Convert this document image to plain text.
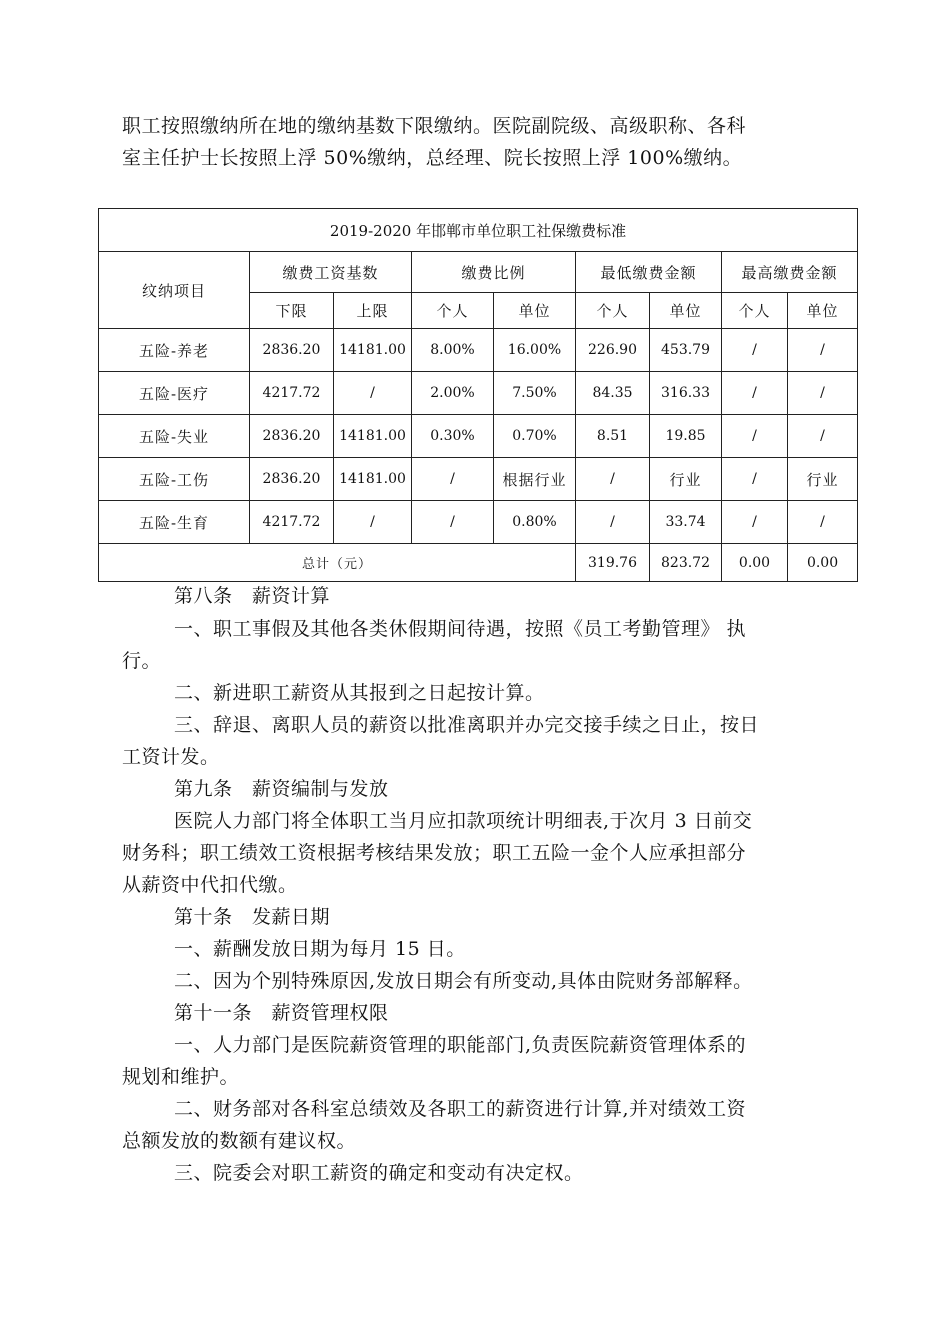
职工按照缴纳所在地的缴纳基数下限缴纳。医院副院级、高级职称、各科

室主任护士长按照上浮 50%缴纳，总经理、院长按照上浮 100%缴纳。

2019-2020 年邯郸市单位职工社保缴费标准								
纹纳项目	缴费工资基数		缴费比例		最低缴费金额		最高缴费金额	
	下限	上限	个人	单位	个人	单位	个人	单位
五险-养老	2836.20	14181.00	8.00%	16.00%	226.90	453.79	/	/
五险-医疗	4217.72	/	2.00%	7.50%	84.35	316.33	/	/
五险-失业	2836.20	14181.00	0.30%	0.70%	8.51	19.85	/	/
五险-工伤	2836.20	14181.00	/	根据行业	/	行业	/	行业
五险-生育	4217.72	/	/	0.80%	/	33.74	/	/
总计（元）					319.76	823.72	0.00	0.00

第八条　薪资计算

一、职工事假及其他各类休假期间待遇，按照《员工考勤管理》 执

行。

二、新进职工薪资从其报到之日起按计算。

三、辞退、离职人员的薪资以批准离职并办完交接手续之日止，按日

工资计发。

第九条　薪资编制与发放

医院人力部门将全体职工当月应扣款项统计明细表,于次月 3 日前交

财务科；职工绩效工资根据考核结果发放；职工五险一金个人应承担部分

从薪资中代扣代缴。

第十条　发薪日期

一、薪酬发放日期为每月 15 日。

二、因为个别特殊原因,发放日期会有所变动,具体由院财务部解释。

第十一条　薪资管理权限

一、人力部门是医院薪资管理的职能部门,负责医院薪资管理体系的

规划和维护。

二、财务部对各科室总绩效及各职工的薪资进行计算,并对绩效工资

总额发放的数额有建议权。

三、院委会对职工薪资的确定和变动有决定权。
